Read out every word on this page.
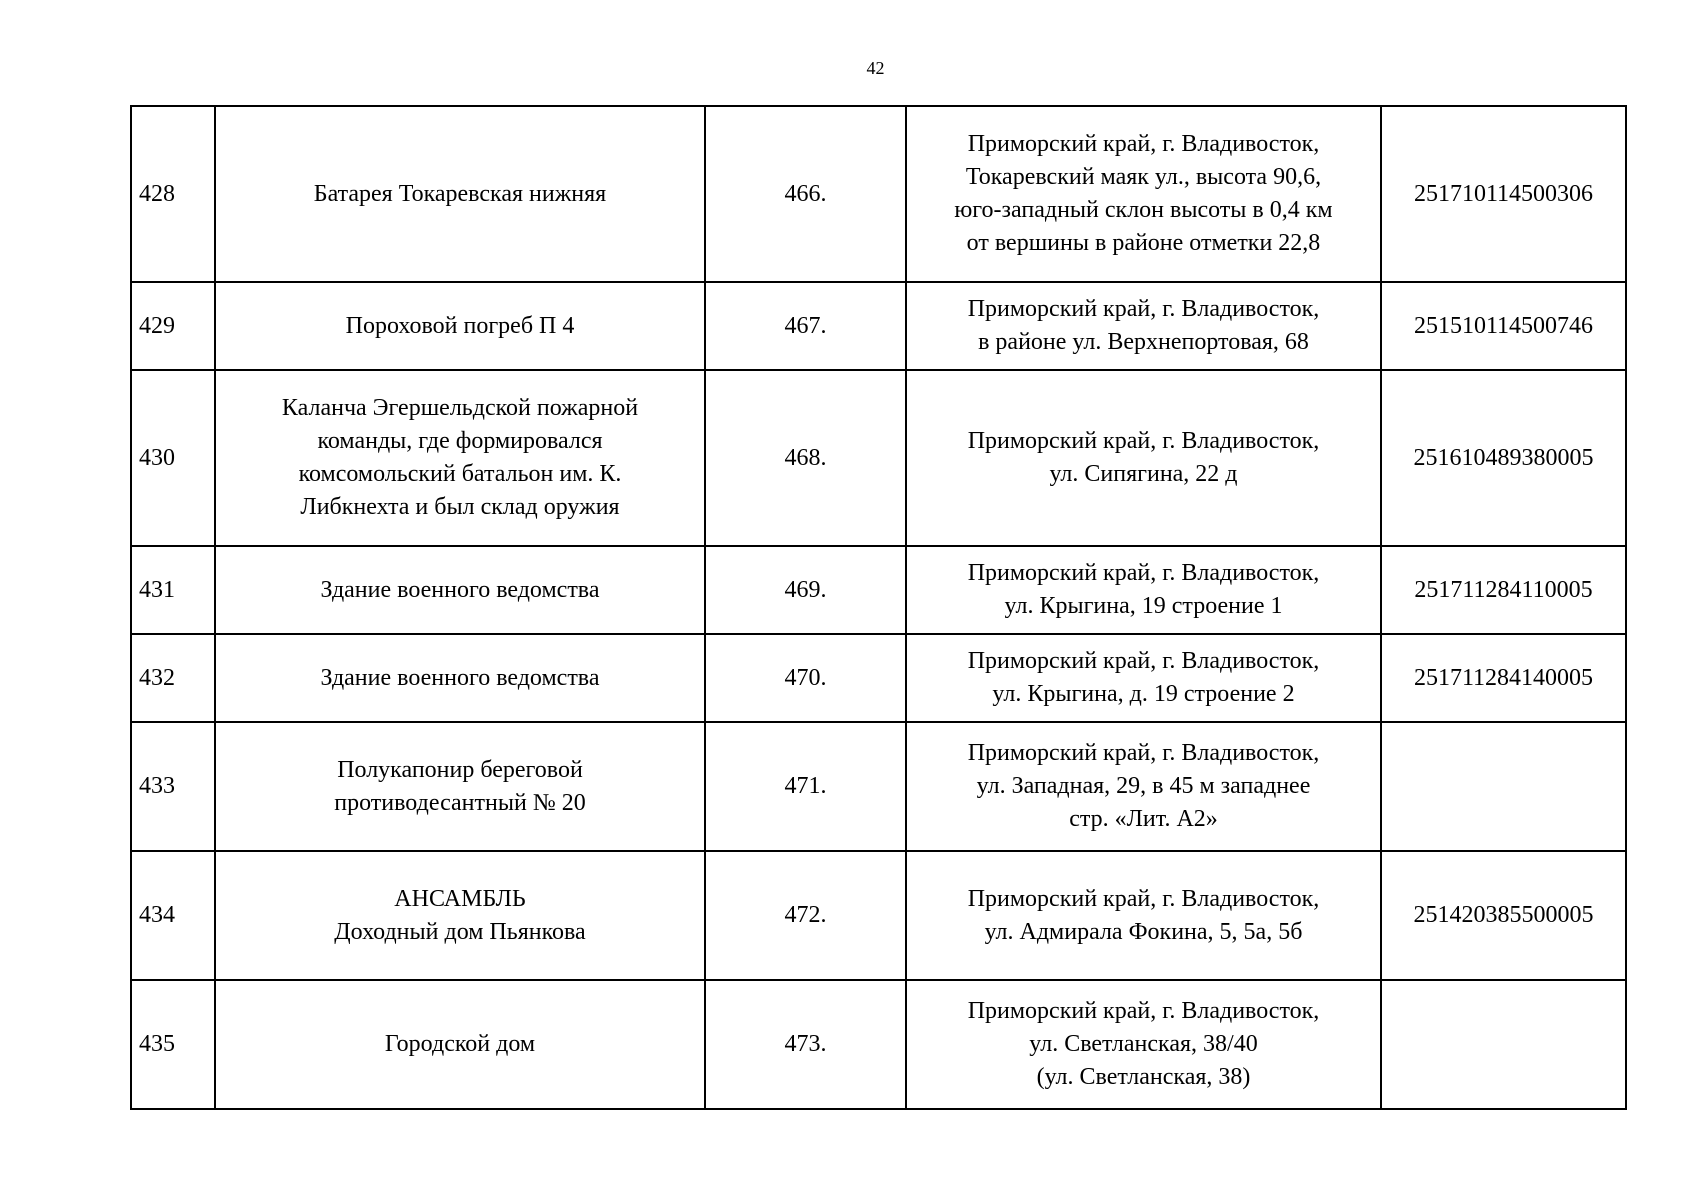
42
428	Батарея Токаревская нижняя	466.	Приморский край, г. Владивосток,
Токаревский маяк ул., высота 90,6,
юго-западный склон высоты в 0,4 км
от вершины в районе отметки 22,8	251710114500306
429	Пороховой погреб П 4	467.	Приморский край, г. Владивосток,
в районе ул. Верхнепортовая, 68	251510114500746
430	Каланча Эгершельдской пожарной
команды, где формировался
комсомольский батальон им. К.
Либкнехта и был склад оружия	468.	Приморский край, г. Владивосток,
ул. Сипягина, 22 д	251610489380005
431	Здание военного ведомства	469.	Приморский край, г. Владивосток,
ул. Крыгина, 19 строение 1	251711284110005
432	Здание военного ведомства	470.	Приморский край, г. Владивосток,
ул. Крыгина, д. 19 строение 2	251711284140005
433	Полукапонир береговой
противодесантный № 20	471.	Приморский край, г. Владивосток,
ул. Западная, 29, в 45 м западнее
стр. «Лит. А2»	
434	АНСАМБЛЬ
Доходный дом Пьянкова	472.	Приморский край, г. Владивосток,
ул. Адмирала Фокина, 5, 5а, 5б	251420385500005
435	Городской дом	473.	Приморский край, г. Владивосток,
ул. Светланская, 38/40
(ул. Светланская, 38)	
